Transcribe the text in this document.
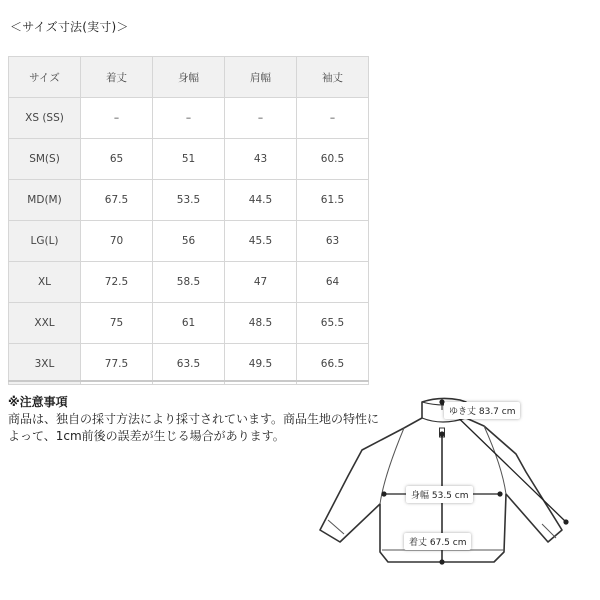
＜サイズ寸法(実寸)＞
サイズ	着丈	身幅	肩幅	袖丈
XS (SS)	–	–	–	–
SM(S)	65	51	43	60.5
MD(M)	67.5	53.5	44.5	61.5
LG(L)	70	56	45.5	63
XL	72.5	58.5	47	64
XXL	75	61	48.5	65.5
3XL	77.5	63.5	49.5	66.5
※注意事項
商品は、独自の採寸方法により採寸されています。商品生地の特性に
よって、1cm前後の誤差が生じる場合があります。
ゆき丈 83.7 cm
身幅 53.5 cm
着丈 67.5 cm
